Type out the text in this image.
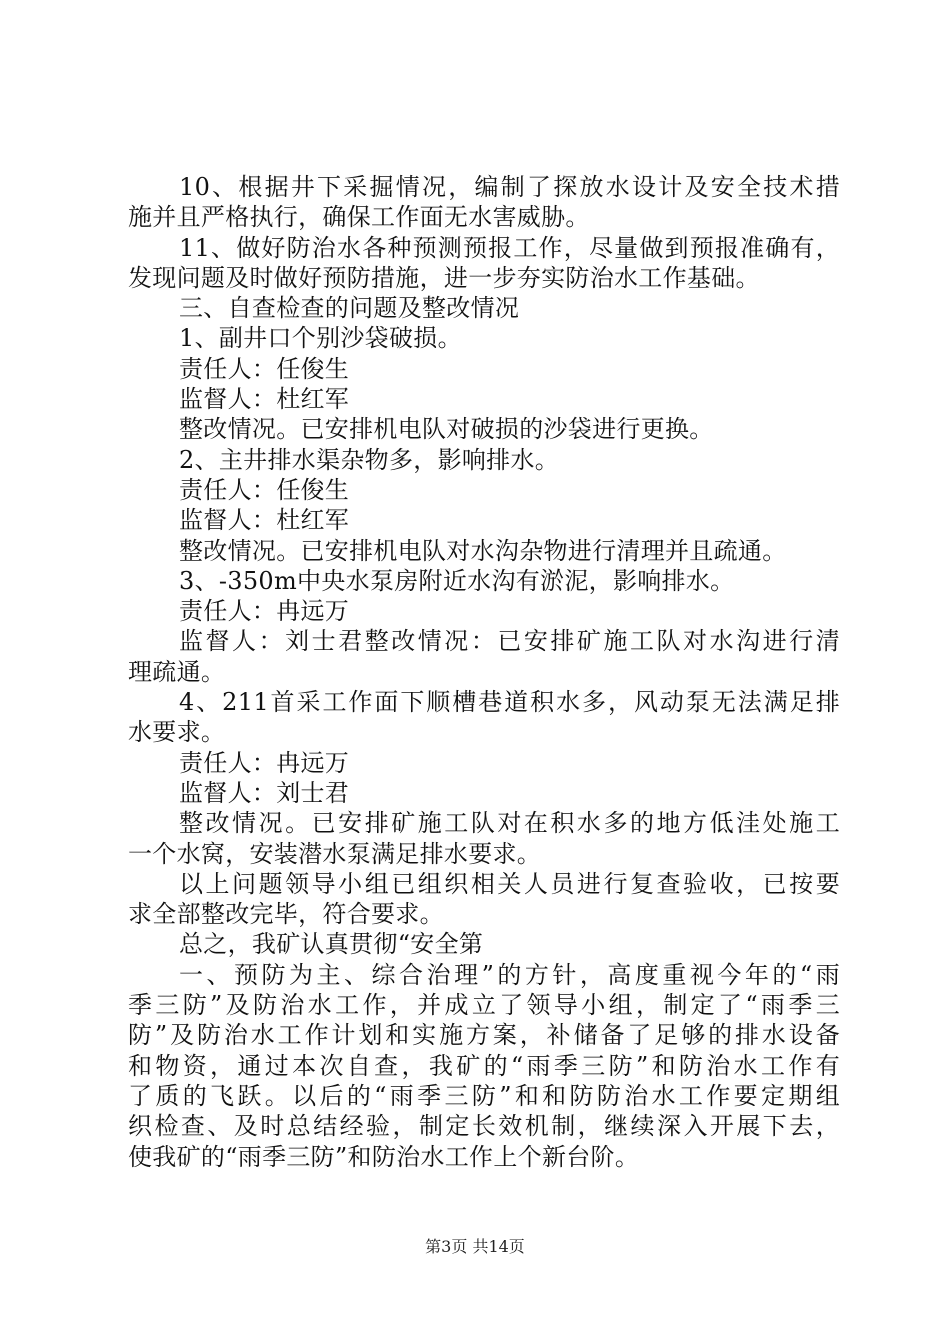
10、根据井下采掘情况，编制了探放水设计及安全技术措
施并且严格执行，确保工作面无水害威胁。
11、做好防治水各种预测预报工作，尽量做到预报准确有，
发现问题及时做好预防措施，进一步夯实防治水工作基础。
三、自查检查的问题及整改情况
1、副井口个别沙袋破损。
责任人：任俊生
监督人：杜红军
整改情况。已安排机电队对破损的沙袋进行更换。
2、主井排水渠杂物多，影响排水。
责任人：任俊生
监督人：杜红军
整改情况。已安排机电队对水沟杂物进行清理并且疏通。
3、-350m中央水泵房附近水沟有淤泥，影响排水。
责任人：冉远万
监督人：刘士君整改情况：已安排矿施工队对水沟进行清
理疏通。
4、211首采工作面下顺槽巷道积水多，风动泵无法满足排
水要求。
责任人：冉远万
监督人：刘士君
整改情况。已安排矿施工队对在积水多的地方低洼处施工
一个水窝，安装潜水泵满足排水要求。
以上问题领导小组已组织相关人员进行复查验收，已按要
求全部整改完毕，符合要求。
总之，我矿认真贯彻“安全第
一、预防为主、综合治理”的方针，高度重视今年的“雨
季三防”及防治水工作，并成立了领导小组，制定了“雨季三
防”及防治水工作计划和实施方案，补储备了足够的排水设备
和物资，通过本次自查，我矿的“雨季三防”和防治水工作有
了质的飞跃。以后的“雨季三防”和和防防治水工作要定期组
织检查、及时总结经验，制定长效机制，继续深入开展下去，
使我矿的“雨季三防”和防治水工作上个新台阶。
第3页 共14页
